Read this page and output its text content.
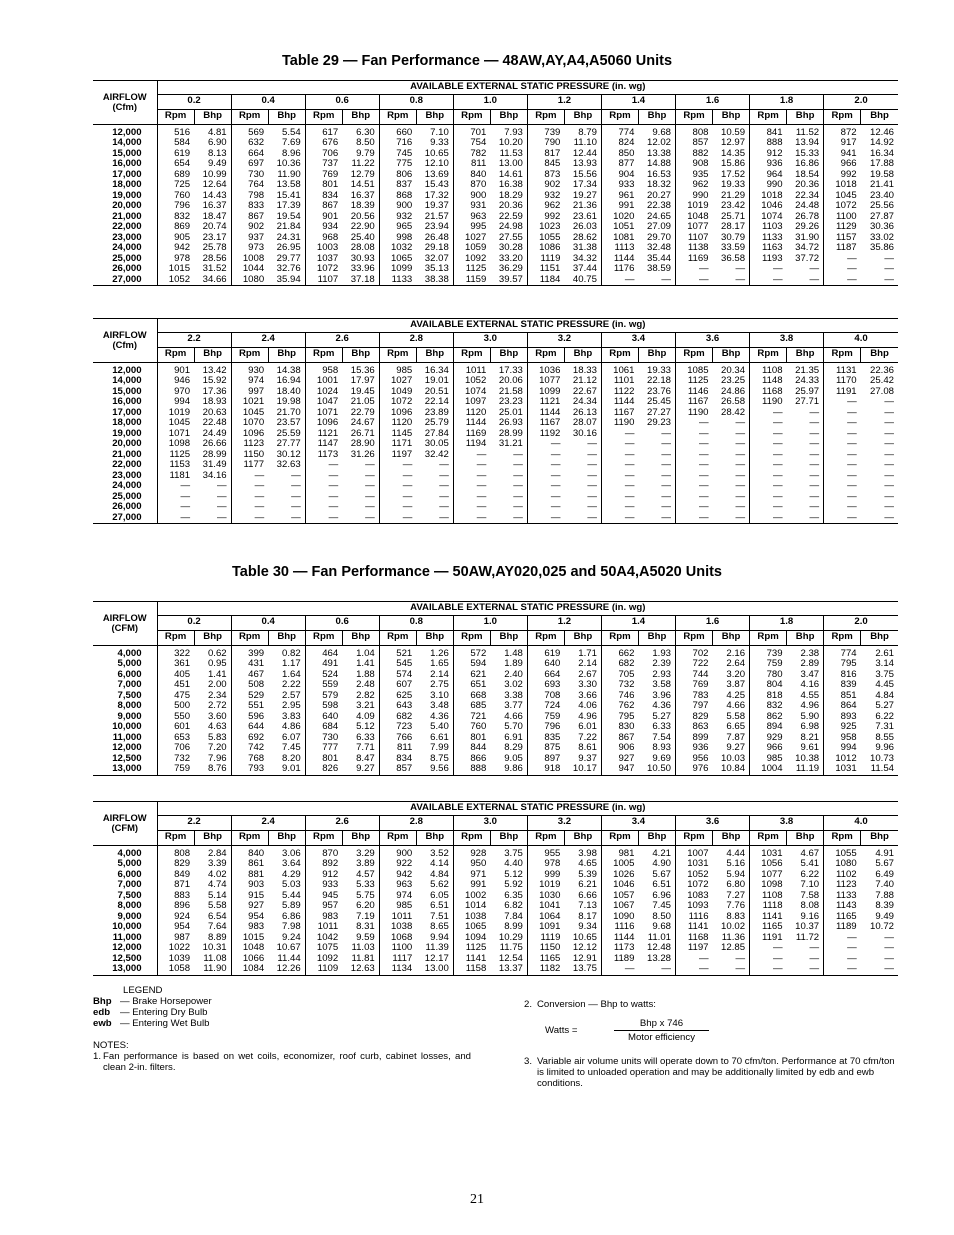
Table 29 — Fan Performance — 48AW,AY,A4,A5060 Units
AIRFLOW
(Cfm)	AVAILABLE EXTERNAL STATIC PRESSURE (in. wg)																			
	0.2		0.4		0.6		0.8		1.0		1.2		1.4		1.6		1.8		2.0	
	Rpm	Bhp	Rpm	Bhp	Rpm	Bhp	Rpm	Bhp	Rpm	Bhp	Rpm	Bhp	Rpm	Bhp	Rpm	Bhp	Rpm	Bhp	Rpm	Bhp
12,000	516	4.81	569	5.54	617	6.30	660	7.10	701	7.93	739	8.79	774	9.68	808	10.59	841	11.52	872	12.46
14,000	584	6.90	632	7.69	676	8.50	716	9.33	754	10.20	790	11.10	824	12.02	857	12.97	888	13.94	917	14.92
15,000	619	8.13	664	8.96	706	9.79	745	10.65	782	11.53	817	12.44	850	13.38	882	14.35	912	15.33	941	16.34
16,000	654	9.49	697	10.36	737	11.22	775	12.10	811	13.00	845	13.93	877	14.88	908	15.86	936	16.86	966	17.88
17,000	689	10.99	730	11.90	769	12.79	806	13.69	840	14.61	873	15.56	904	16.53	935	17.52	964	18.54	992	19.58
18,000	725	12.64	764	13.58	801	14.51	837	15.43	870	16.38	902	17.34	933	18.32	962	19.33	990	20.36	1018	21.41
19,000	760	14.43	798	15.41	834	16.37	868	17.32	900	18.29	932	19.27	961	20.27	990	21.29	1018	22.34	1045	23.40
20,000	796	16.37	833	17.39	867	18.39	900	19.37	931	20.36	962	21.36	991	22.38	1019	23.42	1046	24.48	1072	25.56
21,000	832	18.47	867	19.54	901	20.56	932	21.57	963	22.59	992	23.61	1020	24.65	1048	25.71	1074	26.78	1100	27.87
22,000	869	20.74	902	21.84	934	22.90	965	23.94	995	24.98	1023	26.03	1051	27.09	1077	28.17	1103	29.26	1129	30.36
23,000	905	23.17	937	24.31	968	25.40	998	26.48	1027	27.55	1055	28.62	1081	29.70	1107	30.79	1133	31.90	1157	33.02
24,000	942	25.78	973	26.95	1003	28.08	1032	29.18	1059	30.28	1086	31.38	1113	32.48	1138	33.59	1163	34.72	1187	35.86
25,000	978	28.56	1008	29.77	1037	30.93	1065	32.07	1092	33.20	1119	34.32	1144	35.44	1169	36.58	1193	37.72	—	—
26,000	1015	31.52	1044	32.76	1072	33.96	1099	35.13	1125	36.29	1151	37.44	1176	38.59	—	—	—	—	—	—
27,000	1052	34.66	1080	35.94	1107	37.18	1133	38.38	1159	39.57	1184	40.75	—	—	—	—	—	—	—	—
AIRFLOW
(Cfm)	AVAILABLE EXTERNAL STATIC PRESSURE (in. wg)																			
	2.2		2.4		2.6		2.8		3.0		3.2		3.4		3.6		3.8		4.0	
	Rpm	Bhp	Rpm	Bhp	Rpm	Bhp	Rpm	Bhp	Rpm	Bhp	Rpm	Bhp	Rpm	Bhp	Rpm	Bhp	Rpm	Bhp	Rpm	Bhp
12,000	901	13.42	930	14.38	958	15.36	985	16.34	1011	17.33	1036	18.33	1061	19.33	1085	20.34	1108	21.35	1131	22.36
14,000	946	15.92	974	16.94	1001	17.97	1027	19.01	1052	20.06	1077	21.12	1101	22.18	1125	23.25	1148	24.33	1170	25.42
15,000	970	17.36	997	18.40	1024	19.45	1049	20.51	1074	21.58	1099	22.67	1122	23.76	1146	24.86	1168	25.97	1191	27.08
16,000	994	18.93	1021	19.98	1047	21.05	1072	22.14	1097	23.23	1121	24.34	1144	25.45	1167	26.58	1190	27.71	—	—
17,000	1019	20.63	1045	21.70	1071	22.79	1096	23.89	1120	25.01	1144	26.13	1167	27.27	1190	28.42	—	—	—	—
18,000	1045	22.48	1070	23.57	1096	24.67	1120	25.79	1144	26.93	1167	28.07	1190	29.23	—	—	—	—	—	—
19,000	1071	24.49	1096	25.59	1121	26.71	1145	27.84	1169	28.99	1192	30.16	—	—	—	—	—	—	—	—
20,000	1098	26.66	1123	27.77	1147	28.90	1171	30.05	1194	31.21	—	—	—	—	—	—	—	—	—	—
21,000	1125	28.99	1150	30.12	1173	31.26	1197	32.42	—	—	—	—	—	—	—	—	—	—	—	—
22,000	1153	31.49	1177	32.63	—	—	—	—	—	—	—	—	—	—	—	—	—	—	—	—
23,000	1181	34.16	—	—	—	—	—	—	—	—	—	—	—	—	—	—	—	—	—	—
24,000	—	—	—	—	—	—	—	—	—	—	—	—	—	—	—	—	—	—	—	—
25,000	—	—	—	—	—	—	—	—	—	—	—	—	—	—	—	—	—	—	—	—
26,000	—	—	—	—	—	—	—	—	—	—	—	—	—	—	—	—	—	—	—	—
27,000	—	—	—	—	—	—	—	—	—	—	—	—	—	—	—	—	—	—	—	—
Table 30 — Fan Performance — 50AW,AY020,025 and 50A4,A5020 Units
AIRFLOW
(CFM)	AVAILABLE EXTERNAL STATIC PRESSURE (in. wg)																			
	0.2		0.4		0.6		0.8		1.0		1.2		1.4		1.6		1.8		2.0	
	Rpm	Bhp	Rpm	Bhp	Rpm	Bhp	Rpm	Bhp	Rpm	Bhp	Rpm	Bhp	Rpm	Bhp	Rpm	Bhp	Rpm	Bhp	Rpm	Bhp
4,000	322	0.62	399	0.82	464	1.04	521	1.26	572	1.48	619	1.71	662	1.93	702	2.16	739	2.38	774	2.61
5,000	361	0.95	431	1.17	491	1.41	545	1.65	594	1.89	640	2.14	682	2.39	722	2.64	759	2.89	795	3.14
6,000	405	1.41	467	1.64	524	1.88	574	2.14	621	2.40	664	2.67	705	2.93	744	3.20	780	3.47	816	3.75
7,000	451	2.00	508	2.22	559	2.48	607	2.75	651	3.02	693	3.30	732	3.58	769	3.87	804	4.16	839	4.45
7,500	475	2.34	529	2.57	579	2.82	625	3.10	668	3.38	708	3.66	746	3.96	783	4.25	818	4.55	851	4.84
8,000	500	2.72	551	2.95	598	3.21	643	3.48	685	3.77	724	4.06	762	4.36	797	4.66	832	4.96	864	5.27
9,000	550	3.60	596	3.83	640	4.09	682	4.36	721	4.66	759	4.96	795	5.27	829	5.58	862	5.90	893	6.22
10,000	601	4.63	644	4.86	684	5.12	723	5.40	760	5.70	796	6.01	830	6.33	863	6.65	894	6.98	925	7.31
11,000	653	5.83	692	6.07	730	6.33	766	6.61	801	6.91	835	7.22	867	7.54	899	7.87	929	8.21	958	8.55
12,000	706	7.20	742	7.45	777	7.71	811	7.99	844	8.29	875	8.61	906	8.93	936	9.27	966	9.61	994	9.96
12,500	732	7.96	768	8.20	801	8.47	834	8.75	866	9.05	897	9.37	927	9.69	956	10.03	985	10.38	1012	10.73
13,000	759	8.76	793	9.01	826	9.27	857	9.56	888	9.86	918	10.17	947	10.50	976	10.84	1004	11.19	1031	11.54
AIRFLOW
(CFM)	AVAILABLE EXTERNAL STATIC PRESSURE (in. wg)																			
	2.2		2.4		2.6		2.8		3.0		3.2		3.4		3.6		3.8		4.0	
	Rpm	Bhp	Rpm	Bhp	Rpm	Bhp	Rpm	Bhp	Rpm	Bhp	Rpm	Bhp	Rpm	Bhp	Rpm	Bhp	Rpm	Bhp	Rpm	Bhp
4,000	808	2.84	840	3.06	870	3.29	900	3.52	928	3.75	955	3.98	981	4.21	1007	4.44	1031	4.67	1055	4.91
5,000	829	3.39	861	3.64	892	3.89	922	4.14	950	4.40	978	4.65	1005	4.90	1031	5.16	1056	5.41	1080	5.67
6,000	849	4.02	881	4.29	912	4.57	942	4.84	971	5.12	999	5.39	1026	5.67	1052	5.94	1077	6.22	1102	6.49
7,000	871	4.74	903	5.03	933	5.33	963	5.62	991	5.92	1019	6.21	1046	6.51	1072	6.80	1098	7.10	1123	7.40
7,500	883	5.14	915	5.44	945	5.75	974	6.05	1002	6.35	1030	6.66	1057	6.96	1083	7.27	1108	7.58	1133	7.88
8,000	896	5.58	927	5.89	957	6.20	985	6.51	1014	6.82	1041	7.13	1067	7.45	1093	7.76	1118	8.08	1143	8.39
9,000	924	6.54	954	6.86	983	7.19	1011	7.51	1038	7.84	1064	8.17	1090	8.50	1116	8.83	1141	9.16	1165	9.49
10,000	954	7.64	983	7.98	1011	8.31	1038	8.65	1065	8.99	1091	9.34	1116	9.68	1141	10.02	1165	10.37	1189	10.72
11,000	987	8.89	1015	9.24	1042	9.59	1068	9.94	1094	10.29	1119	10.65	1144	11.01	1168	11.36	1191	11.72	—	—
12,000	1022	10.31	1048	10.67	1075	11.03	1100	11.39	1125	11.75	1150	12.12	1173	12.48	1197	12.85	—	—	—	—
12,500	1039	11.08	1066	11.44	1092	11.81	1117	12.17	1141	12.54	1165	12.91	1189	13.28	—	—	—	—	—	—
13,000	1058	11.90	1084	12.26	1109	12.63	1134	13.00	1158	13.37	1182	13.75	—	—	—	—	—	—	—	—
LEGEND
Bhp — Brake Horsepower
edb	— Entering Dry Bulb
ewb — Entering Wet Bulb
NOTES:
1. Fan performance is based on wet coils, economizer, roof curb, cabinet losses, and clean 2-in. filters.
2. Conversion — Bhp to watts:
Watts =
Bhp x 746
Motor efficiency
3. Variable air volume units will operate down to 70 cfm/ton. Performance at 70 cfm/ton is limited to unloaded operation and may be additionally limited by edb and ewb conditions.
21
